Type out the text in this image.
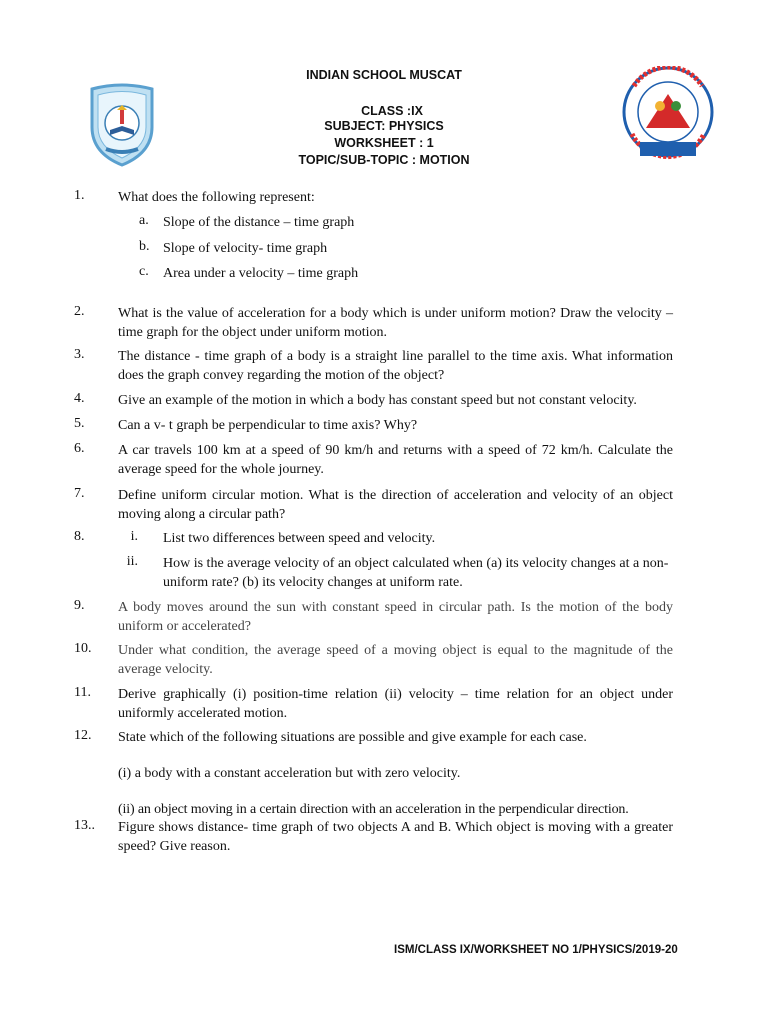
INDIAN SCHOOL MUSCAT
CLASS :IX
SUBJECT: PHYSICS
WORKSHEET : 1
TOPIC/SUB-TOPIC : MOTION
1. What does the following represent:
a. Slope of the distance – time graph
b. Slope of velocity- time graph
c. Area under a velocity – time graph
2. What is the value of acceleration for a body which is under uniform motion? Draw the velocity – time graph for the object under uniform motion.
3. The distance - time graph of a body is a straight line parallel to the time axis. What information does the graph convey regarding the motion of the object?
4. Give an example of the motion in which a body has constant speed but not constant velocity.
5. Can a v- t graph be perpendicular to time axis? Why?
6. A car travels 100 km at a speed of 90 km/h and returns with a speed of 72 km/h. Calculate the average speed for the whole journey.
7. Define uniform circular motion. What is the direction of acceleration and velocity of an object moving along a circular path?
8.	i. List two differences between speed and velocity.
ii. How is the average velocity of an object calculated when (a) its velocity changes at a non-uniform rate? (b) its velocity changes at uniform rate.
9. A body moves around the sun with constant speed in circular path. Is the motion of the body uniform or accelerated?
10. Under what condition, the average speed of a moving object is equal to the magnitude of the average velocity.
11. Derive graphically (i) position-time relation (ii) velocity – time relation for an object under uniformly accelerated motion.
12. State which of the following situations are possible and give example for each case.
(i) a body with a constant acceleration but with zero velocity.
(ii) an object moving in a certain direction with an acceleration in the perpendicular direction.
13.. Figure shows distance- time graph of two objects A and B. Which object is moving with a greater speed? Give reason.
ISM/CLASS IX/WORKSHEET NO 1/PHYSICS/2019-20
